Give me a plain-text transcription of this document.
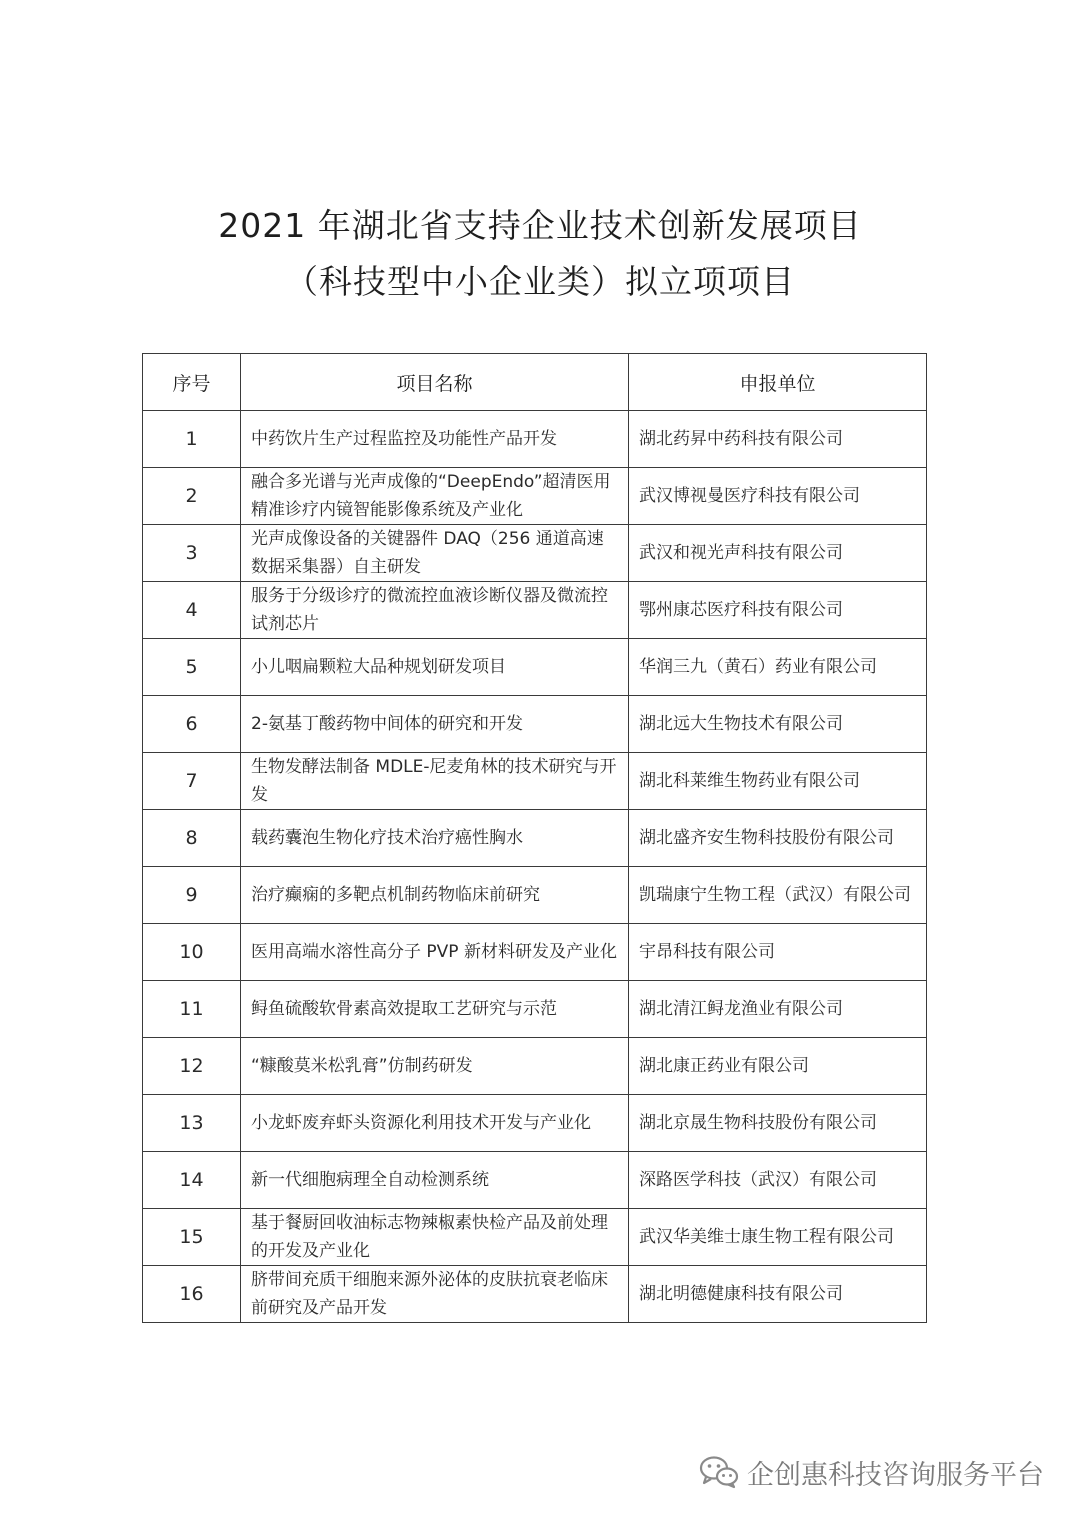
2021 年湖北省支持企业技术创新发展项目
（科技型中小企业类）拟立项项目
序号	项目名称	申报单位
1	中药饮片生产过程监控及功能性产品开发	湖北药昇中药科技有限公司
2	融合多光谱与光声成像的“DeepEndo”超清医用精准诊疗内镜智能影像系统及产业化	武汉博视曼医疗科技有限公司
3	光声成像设备的关键器件 DAQ（256 通道高速数据采集器）自主研发	武汉和视光声科技有限公司
4	服务于分级诊疗的微流控血液诊断仪器及微流控试剂芯片	鄂州康芯医疗科技有限公司
5	小儿咽扁颗粒大品种规划研发项目	华润三九（黄石）药业有限公司
6	2-氨基丁酸药物中间体的研究和开发	湖北远大生物技术有限公司
7	生物发酵法制备 MDLE-尼麦角林的技术研究与开发	湖北科莱维生物药业有限公司
8	载药囊泡生物化疗技术治疗癌性胸水	湖北盛齐安生物科技股份有限公司
9	治疗癫痫的多靶点机制药物临床前研究	凯瑞康宁生物工程（武汉）有限公司
10	医用高端水溶性高分子 PVP 新材料研发及产业化	宇昂科技有限公司
11	鲟鱼硫酸软骨素高效提取工艺研究与示范	湖北清江鲟龙渔业有限公司
12	“糠酸莫米松乳膏”仿制药研发	湖北康正药业有限公司
13	小龙虾废弃虾头资源化利用技术开发与产业化	湖北京晟生物科技股份有限公司
14	新一代细胞病理全自动检测系统	深路医学科技（武汉）有限公司
15	基于餐厨回收油标志物辣椒素快检产品及前处理的开发及产业化	武汉华美维士康生物工程有限公司
16	脐带间充质干细胞来源外泌体的皮肤抗衰老临床前研究及产品开发	湖北明德健康科技有限公司
企创惠科技咨询服务平台
